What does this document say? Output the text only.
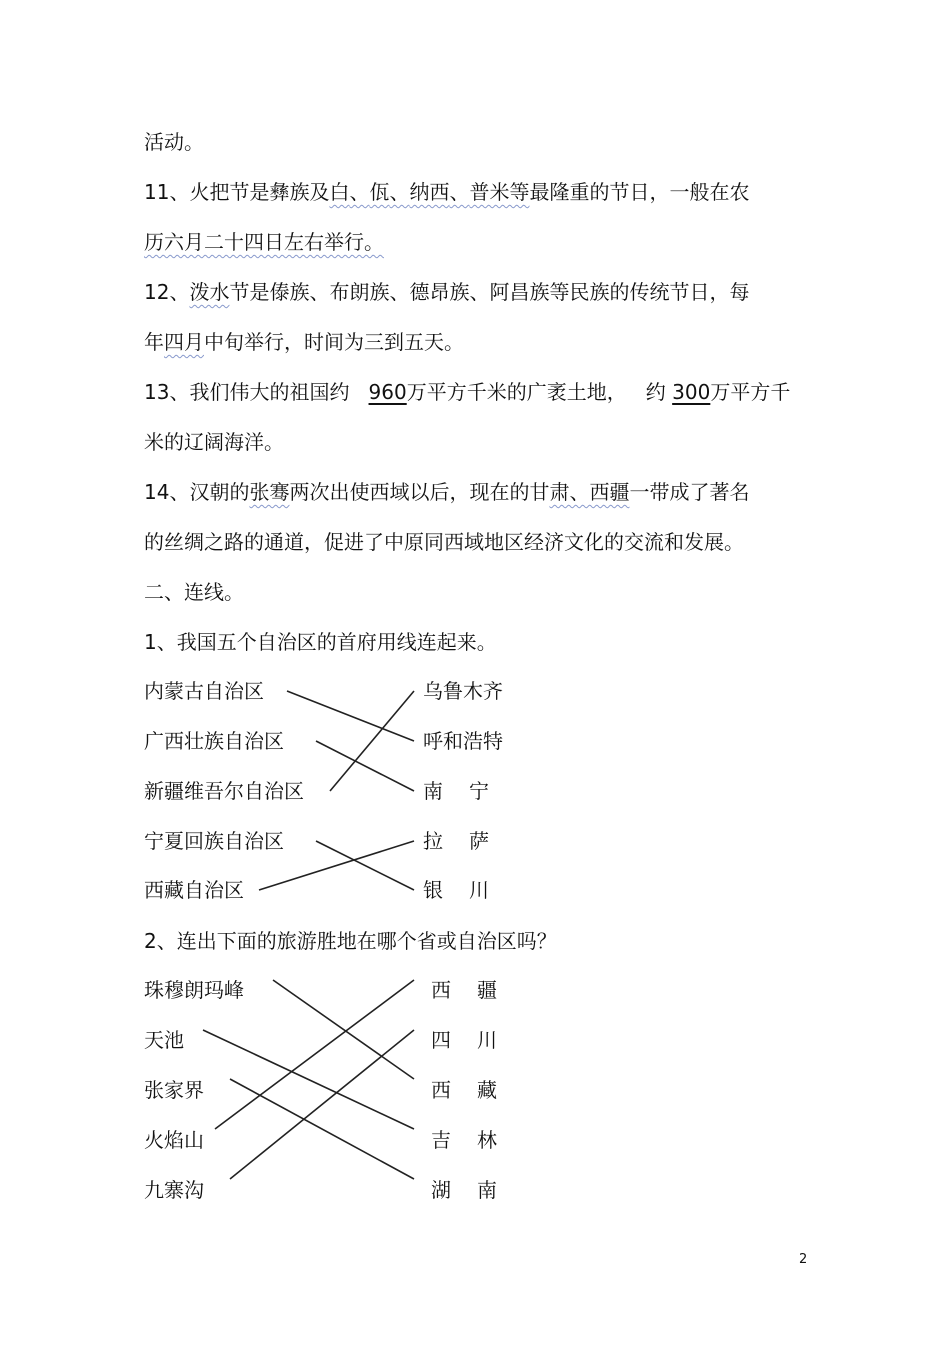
活动。
11、火把节是彝族及白、佤、纳西、普米等最隆重的节日，一般在农
历六月二十四日左右举行。
12、泼水节是傣族、布朗族、德昂族、阿昌族等民族的传统节日，每
年四月中旬举行，时间为三到五天。
13、我们伟大的祖国约 960万平方千米的广袤土地， 约 300万平方千
米的辽阔海洋。
14、汉朝的张骞两次出使西域以后，现在的甘肃、西疆一带成了著名
的丝绸之路的通道，促进了中原同西域地区经济文化的交流和发展。
二、连线。
1、我国五个自治区的首府用线连起来。
内蒙古自治区
广西壮族自治区
新疆维吾尔自治区
宁夏回族自治区
西藏自治区
乌鲁木齐
呼和浩特
南宁
拉萨
银川
2、连出下面的旅游胜地在哪个省或自治区吗？
珠穆朗玛峰
天池
张家界
火焰山
九寨沟
西疆
四川
西藏
吉林
湖南
2
